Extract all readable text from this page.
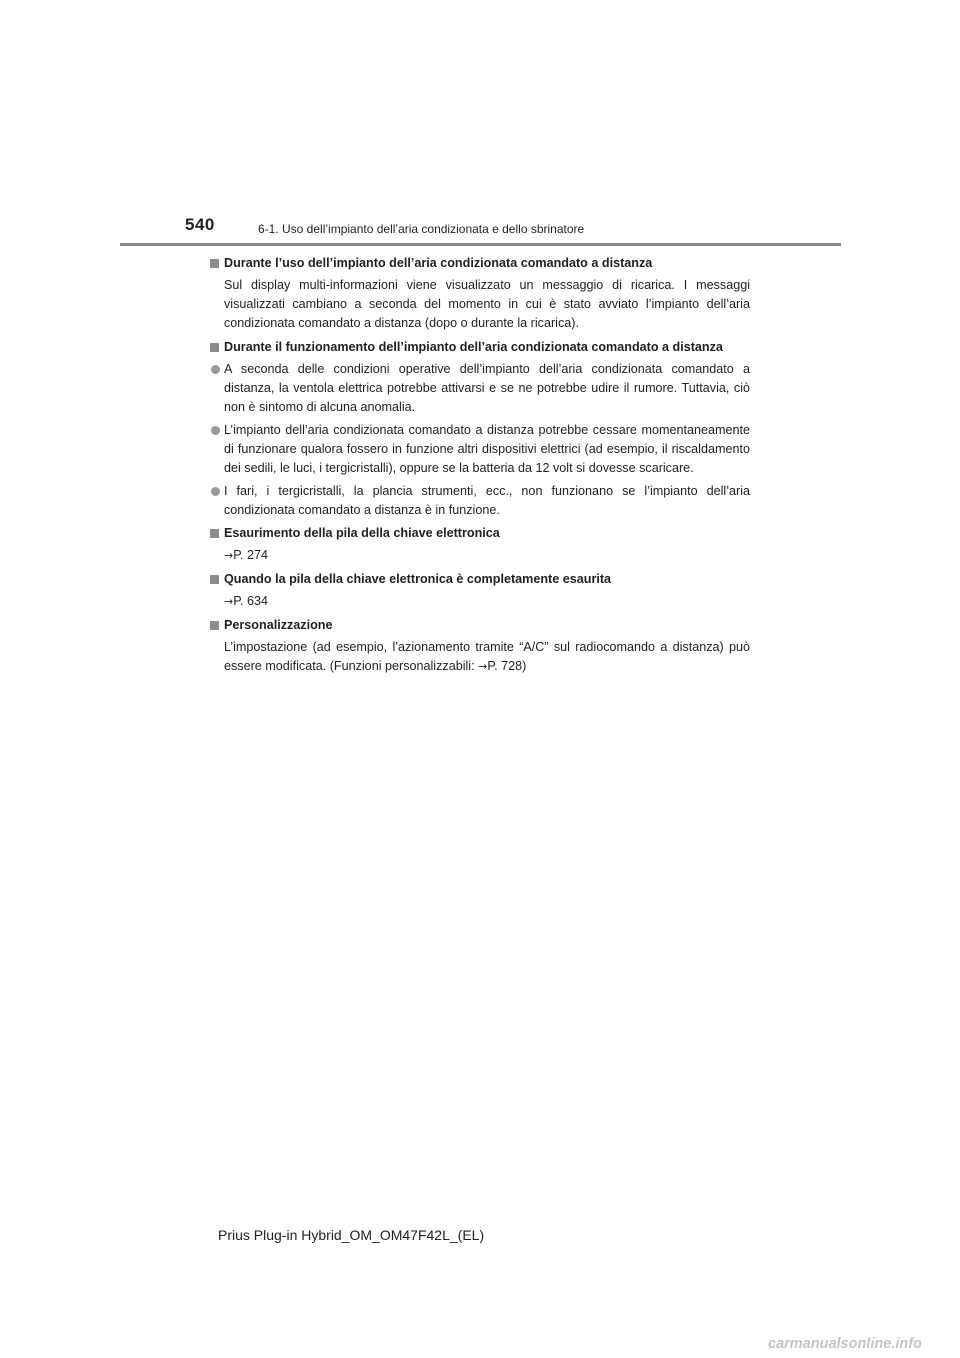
540	6-1. Uso dell’impianto dell’aria condizionata e dello sbrinatore
Durante l’uso dell’impianto dell’aria condizionata comandato a distanza
Sul display multi-informazioni viene visualizzato un messaggio di ricarica. I messaggi visualizzati cambiano a seconda del momento in cui è stato avviato l’impianto dell’aria condizionata comandato a distanza (dopo o durante la ricarica).
Durante il funzionamento dell’impianto dell’aria condizionata comandato a distanza
A seconda delle condizioni operative dell’impianto dell’aria condizionata comandato a distanza, la ventola elettrica potrebbe attivarsi e se ne potrebbe udire il rumore. Tuttavia, ciò non è sintomo di alcuna anomalia.
L’impianto dell’aria condizionata comandato a distanza potrebbe cessare momentaneamente di funzionare qualora fossero in funzione altri dispositivi elettrici (ad esempio, il riscaldamento dei sedili, le luci, i tergicristalli), oppure se la batteria da 12 volt si dovesse scaricare.
I fari, i tergicristalli, la plancia strumenti, ecc., non funzionano se l’impianto dell’aria condizionata comandato a distanza è in funzione.
Esaurimento della pila della chiave elettronica
→P. 274
Quando la pila della chiave elettronica è completamente esaurita
→P. 634
Personalizzazione
L’impostazione (ad esempio, l’azionamento tramite “A/C” sul radiocomando a distanza) può essere modificata. (Funzioni personalizzabili: →P. 728)
Prius Plug-in Hybrid_OM_OM47F42L_(EL)
carmanualsonline.info
